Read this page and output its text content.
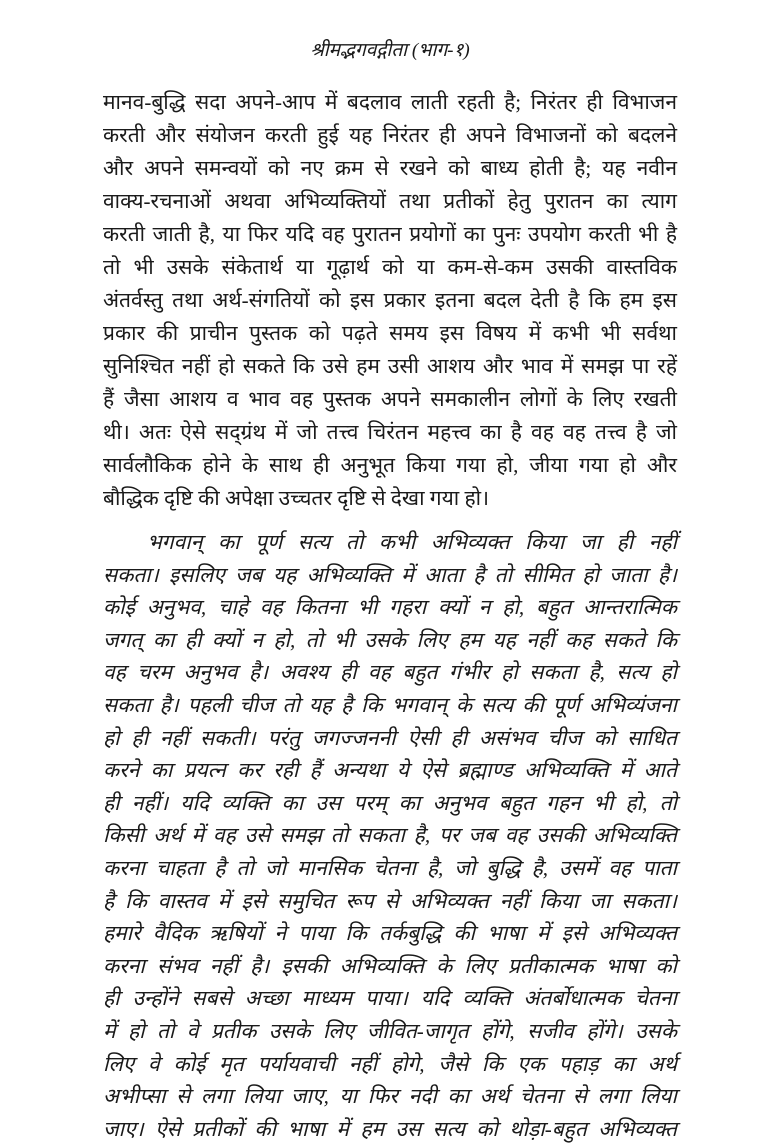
श्रीमद्भगवद्गीता (भाग-१)
मानव-बुद्धि सदा अपने-आप में बदलाव लाती रहती है; निरंतर ही विभाजन
करती और संयोजन करती हुई यह निरंतर ही अपने विभाजनों को बदलने
और अपने समन्वयों को नए क्रम से रखने को बाध्य होती है; यह नवीन
वाक्य-रचनाओं अथवा अभिव्यक्तियों तथा प्रतीकों हेतु पुरातन का त्याग
करती जाती है, या फिर यदि वह पुरातन प्रयोगों का पुनः उपयोग करती भी है
तो भी उसके संकेतार्थ या गूढ़ार्थ को या कम-से-कम उसकी वास्तविक
अंतर्वस्तु तथा अर्थ-संगतियों को इस प्रकार इतना बदल देती है कि हम इस
प्रकार की प्राचीन पुस्तक को पढ़ते समय इस विषय में कभी भी सर्वथा
सुनिश्चित नहीं हो सकते कि उसे हम उसी आशय और भाव में समझ पा रहें
हैं जैसा आशय व भाव वह पुस्तक अपने समकालीन लोगों के लिए रखती
थी। अतः ऐसे सद्ग्रंथ में जो तत्त्व चिरंतन महत्त्व का है वह वह तत्त्व है जो
सार्वलौकिक होने के साथ ही अनुभूत किया गया हो, जीया गया हो और
बौद्धिक दृष्टि की अपेक्षा उच्चतर दृष्टि से देखा गया हो।
भगवान् का पूर्ण सत्य तो कभी अभिव्यक्त किया जा ही नहीं
सकता। इसलिए जब यह अभिव्यक्ति में आता है तो सीमित हो जाता है।
कोई अनुभव, चाहे वह कितना भी गहरा क्यों न हो, बहुत आन्तरात्मिक
जगत् का ही क्यों न हो, तो भी उसके लिए हम यह नहीं कह सकते कि
वह चरम अनुभव है। अवश्य ही वह बहुत गंभीर हो सकता है, सत्य हो
सकता है। पहली चीज तो यह है कि भगवान् के सत्य की पूर्ण अभिव्यंजना
हो ही नहीं सकती। परंतु जगज्जननी ऐसी ही असंभव चीज को साधित
करने का प्रयत्न कर रही हैं अन्यथा ये ऐसे ब्रह्माण्ड अभिव्यक्ति में आते
ही नहीं। यदि व्यक्ति का उस परम् का अनुभव बहुत गहन भी हो, तो
किसी अर्थ में वह उसे समझ तो सकता है, पर जब वह उसकी अभिव्यक्ति
करना चाहता है तो जो मानसिक चेतना है, जो बुद्धि है, उसमें वह पाता
है कि वास्तव में इसे समुचित रूप से अभिव्यक्त नहीं किया जा सकता।
हमारे वैदिक ऋषियों ने पाया कि तर्कबुद्धि की भाषा में इसे अभिव्यक्त
करना संभव नहीं है। इसकी अभिव्यक्ति के लिए प्रतीकात्मक भाषा को
ही उन्होंने सबसे अच्छा माध्यम पाया। यदि व्यक्ति अंतर्बोधात्मक चेतना
में हो तो वे प्रतीक उसके लिए जीवित-जागृत होंगे, सजीव होंगे। उसके
लिए वे कोई मृत पर्यायवाची नहीं होगे, जैसे कि एक पहाड़ का अर्थ
अभीप्सा से लगा लिया जाए, या फिर नदी का अर्थ चेतना से लगा लिया
जाए। ऐसे प्रतीकों की भाषा में हम उस सत्य को थोड़ा-बहुत अभिव्यक्त
